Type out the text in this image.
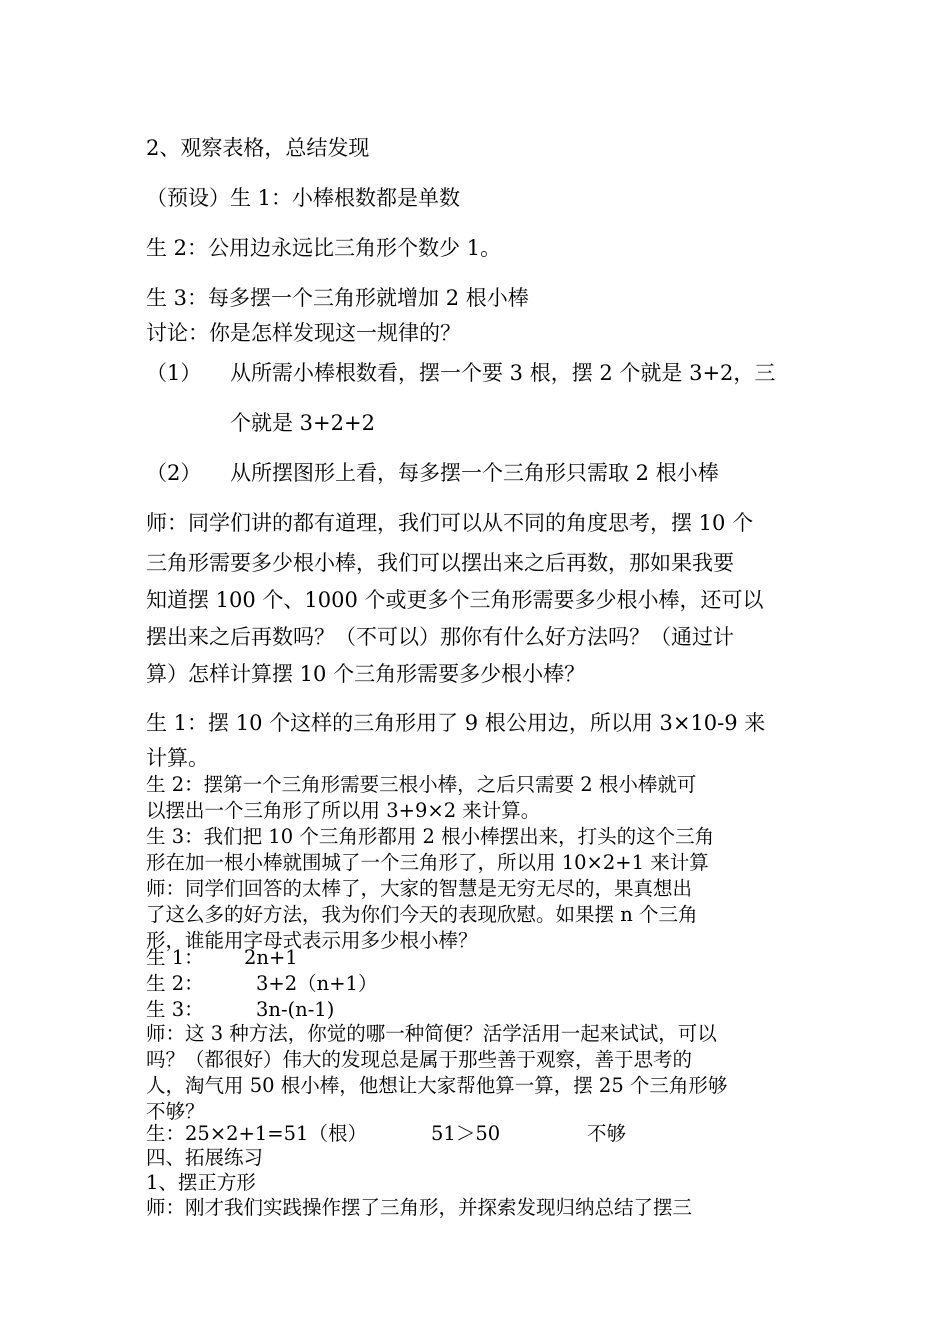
2、观察表格，总结发现
（预设）生 1：小棒根数都是单数
生 2：公用边永远比三角形个数少 1。
生 3：每多摆一个三角形就增加 2 根小棒
讨论：你是怎样发现这一规律的？
（1） 从所需小棒根数看，摆一个要 3 根，摆 2 个就是 3+2，三
个就是 3+2+2
（2） 从所摆图形上看，每多摆一个三角形只需取 2 根小棒
师：同学们讲的都有道理，我们可以从不同的角度思考，摆 10 个
三角形需要多少根小棒，我们可以摆出来之后再数，那如果我要
知道摆 100 个、1000 个或更多个三角形需要多少根小棒，还可以
摆出来之后再数吗？（不可以）那你有什么好方法吗？（通过计
算）怎样计算摆 10 个三角形需要多少根小棒？
生 1：摆 10 个这样的三角形用了 9 根公用边，所以用 3×10-9 来
计算。
生 2：摆第一个三角形需要三根小棒，之后只需要 2 根小棒就可
以摆出一个三角形了所以用 3+9×2 来计算。
生 3：我们把 10 个三角形都用 2 根小棒摆出来，打头的这个三角
形在加一根小棒就围城了一个三角形了，所以用 10×2+1 来计算
师：同学们回答的太棒了，大家的智慧是无穷无尽的，果真想出
了这么多的好方法，我为你们今天的表现欣慰。如果摆 n 个三角
形，谁能用字母式表示用多少根小棒？
生 1： 2n+1
生 2：	3+2（n+1）
生 3：	3n-(n-1)
师：这 3 种方法，你觉的哪一种简便？活学活用一起来试试，可以
吗？（都很好）伟大的发现总是属于那些善于观察，善于思考的
人，淘气用 50 根小棒，他想让大家帮他算一算，摆 25 个三角形够
不够？
生：25×2+1=51（根）	51＞50	不够
四、拓展练习
1、摆正方形
师：刚才我们实践操作摆了三角形，并探索发现归纳总结了摆三
